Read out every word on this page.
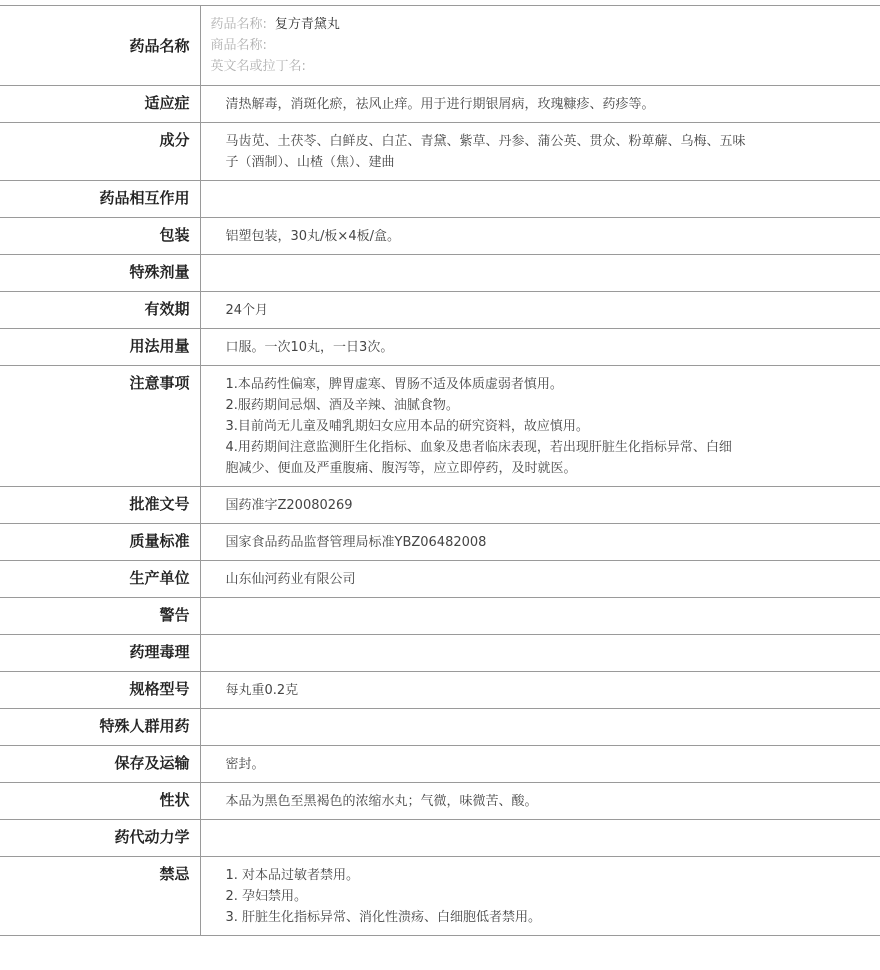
药品名称	药品名称: 复方青黛丸
商品名称:
英文名或拉丁名:

适应症	清热解毒，消斑化瘀，祛风止痒。用于进行期银屑病，玫瑰糠疹、药疹等。

成分	马齿苋、土茯苓、白鲜皮、白芷、青黛、紫草、丹参、蒲公英、贯众、粉萆薢、乌梅、五味
子（酒制）、山楂（焦）、建曲

药品相互作用	
包装	铝塑包装，30丸/板×4板/盒。

特殊剂量	
有效期	24个月

用法用量	口服。一次10丸，一日3次。

注意事项	1.本品药性偏寒，脾胃虚寒、胃肠不适及体质虚弱者慎用。
2.服药期间忌烟、酒及辛辣、油腻食物。
3.目前尚无儿童及哺乳期妇女应用本品的研究资料，故应慎用。
4.用药期间注意监测肝生化指标、血象及患者临床表现，若出现肝脏生化指标异常、白细
胞减少、便血及严重腹痛、腹泻等，应立即停药，及时就医。

批准文号	国药准字Z20080269

质量标准	国家食品药品监督管理局标准YBZ06482008

生产单位	山东仙河药业有限公司

警告	
药理毒理	
规格型号	每丸重0.2克

特殊人群用药	
保存及运输	密封。

性状	本品为黑色至黑褐色的浓缩水丸；气微，味微苦、酸。

药代动力学	
禁忌	1. 对本品过敏者禁用。
2. 孕妇禁用。
3. 肝脏生化指标异常、消化性溃疡、白细胞低者禁用。
